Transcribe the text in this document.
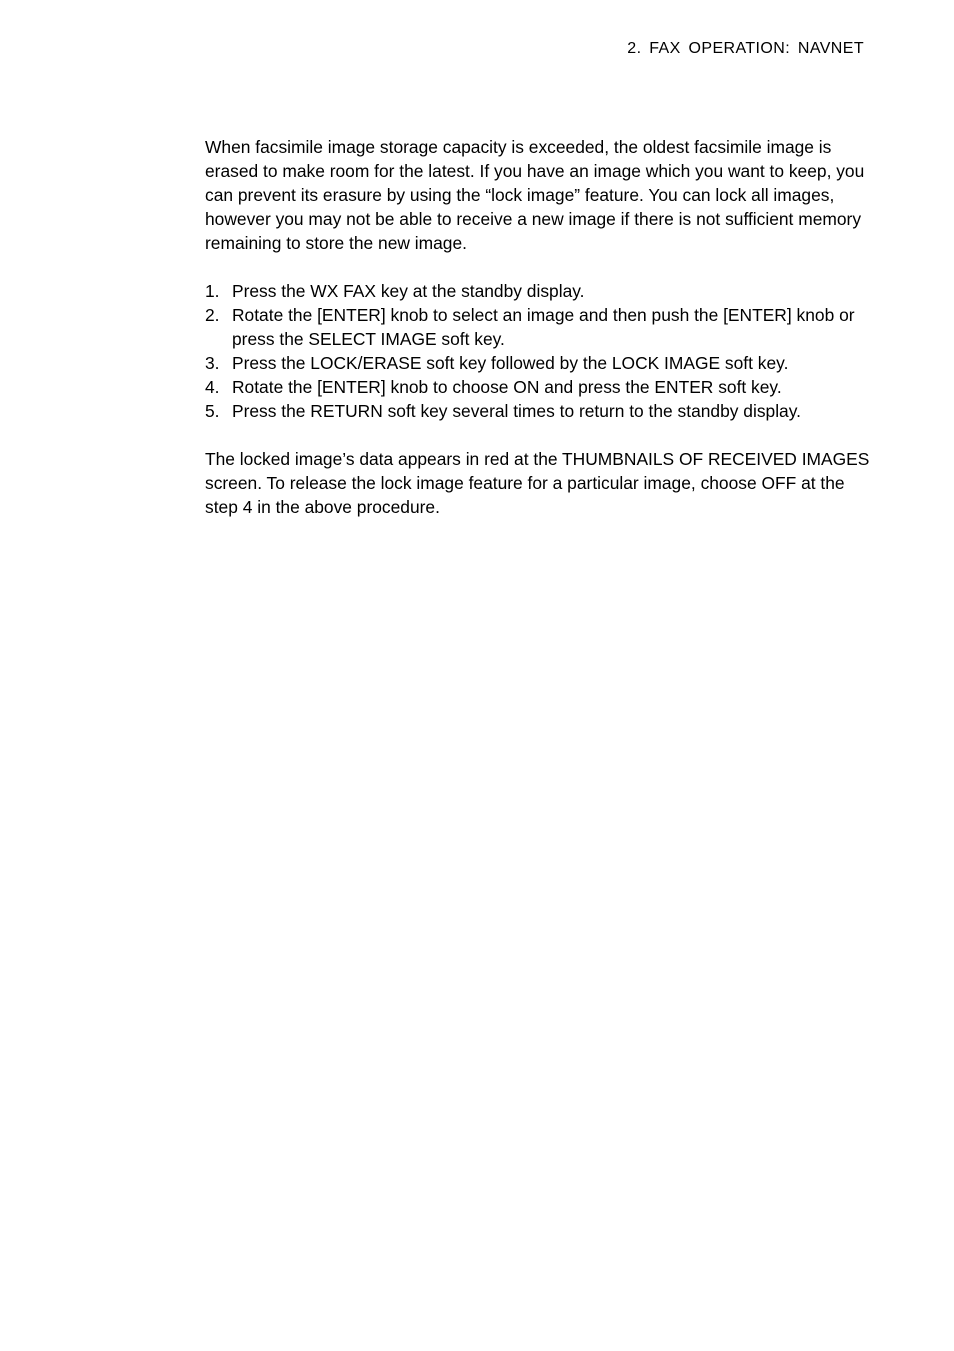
2. FAX OPERATION: NAVNET

When facsimile image storage capacity is exceeded, the oldest facsimile image is erased to make room for the latest. If you have an image which you want to keep, you can prevent its erasure by using the “lock image” feature. You can lock all images, however you may not be able to receive a new image if there is not sufficient memory remaining to store the new image.

1. Press the WX FAX key at the standby display.
2. Rotate the [ENTER] knob to select an image and then push the [ENTER] knob or press the SELECT IMAGE soft key.
3. Press the LOCK/ERASE soft key followed by the LOCK IMAGE soft key.
4. Rotate the [ENTER] knob to choose ON and press the ENTER soft key.
5. Press the RETURN soft key several times to return to the standby display.

The locked image’s data appears in red at the THUMBNAILS OF RECEIVED IMAGES screen. To release the lock image feature for a particular image, choose OFF at the step 4 in the above procedure.
